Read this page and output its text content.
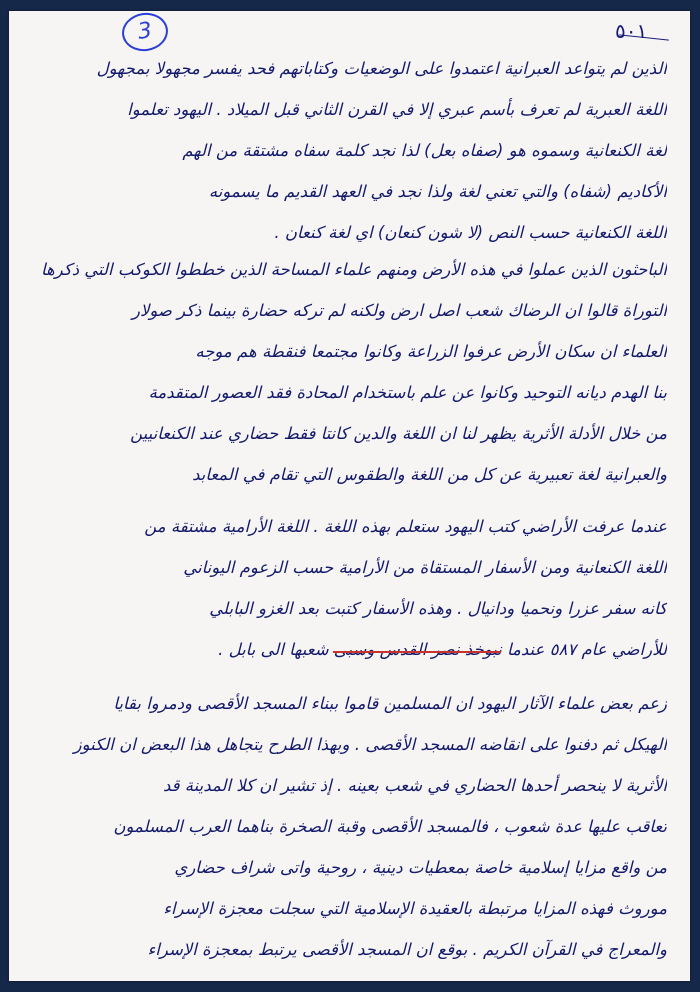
3	٥٠١
الذين لم يتواعد العبرانية اعتمدوا على الوضعيات وكتاباتهم فحد يفسر مجهولا بمجهول
اللغة العبرية لم تعرف بأسم عبري إلا في القرن الثاني قبل الميلاد . اليهود تعلموا
لغة الكنعانية وسموه هو (صفاه بعل) لذا نجد كلمة سفاه مشتقة من الهم
الأكاديم (شفاه) والتي تعني لغة ولذا نجد في العهد القديم ما يسمونه
اللغة الكنعانية حسب النص (لا شون كنعان) اي لغة كنعان .
الباحثون الذين عملوا في هذه الأرض ومنهم علماء المساحة الذين خططوا الكوكب التي ذكرها
التوراة قالوا ان الرضاك شعب اصل ارض ولكنه لم تركه حضارة بينما ذكر صولار
العلماء ان سكان الأرض عرفوا الزراعة وكانوا مجتمعا فنقطة هم موجه
بنا الهدم ديانه التوحيد وكانوا عن علم باستخدام المحادة فقد العصور المتقدمة
من خلال الأدلة الأثرية يظهر لنا ان اللغة والدين كانتا فقط حضاري عند الكنعانيين
والعبرانية لغة تعبيرية عن كل من اللغة والطقوس التي تقام في المعابد
عندما عرفت الأراضي كتب اليهود ستعلم بهذه اللغة . اللغة الأرامية مشتقة من
اللغة الكنعانية ومن الأسفار المستقاة من الأرامية حسب الزعوم اليوناني
كانه سفر عزرا ونحميا ودانيال . وهذه الأسفار كتبت بعد الغزو البابلي
للأراضي عام ٥٨٧ عندما نبوخذ نصر القدس وسبى شعبها الى بابل .
زعم بعض علماء الآثار اليهود ان المسلمين قاموا ببناء المسجد الأقصى ودمروا بقايا
الهيكل ثم دفنوا على انقاضه المسجد الأقصى . وبهذا الطرح يتجاهل هذا البعض ان الكنوز
الأثرية لا ينحصر أحدها الحضاري في شعب بعينه . إذ تشير ان كلا المدينة قد
تعاقب عليها عدة شعوب ، فالمسجد الأقصى وقبة الصخرة بناهما العرب المسلمون
من واقع مزايا إسلامية خاصة بمعطيات دينية ، روحية واتى شراف حضاري
موروث فهذه المزايا مرتبطة بالعقيدة الإسلامية التي سجلت معجزة الإسراء
والمعراج في القرآن الكريم . بوقع ان المسجد الأقصى يرتبط بمعجزة الإسراء
